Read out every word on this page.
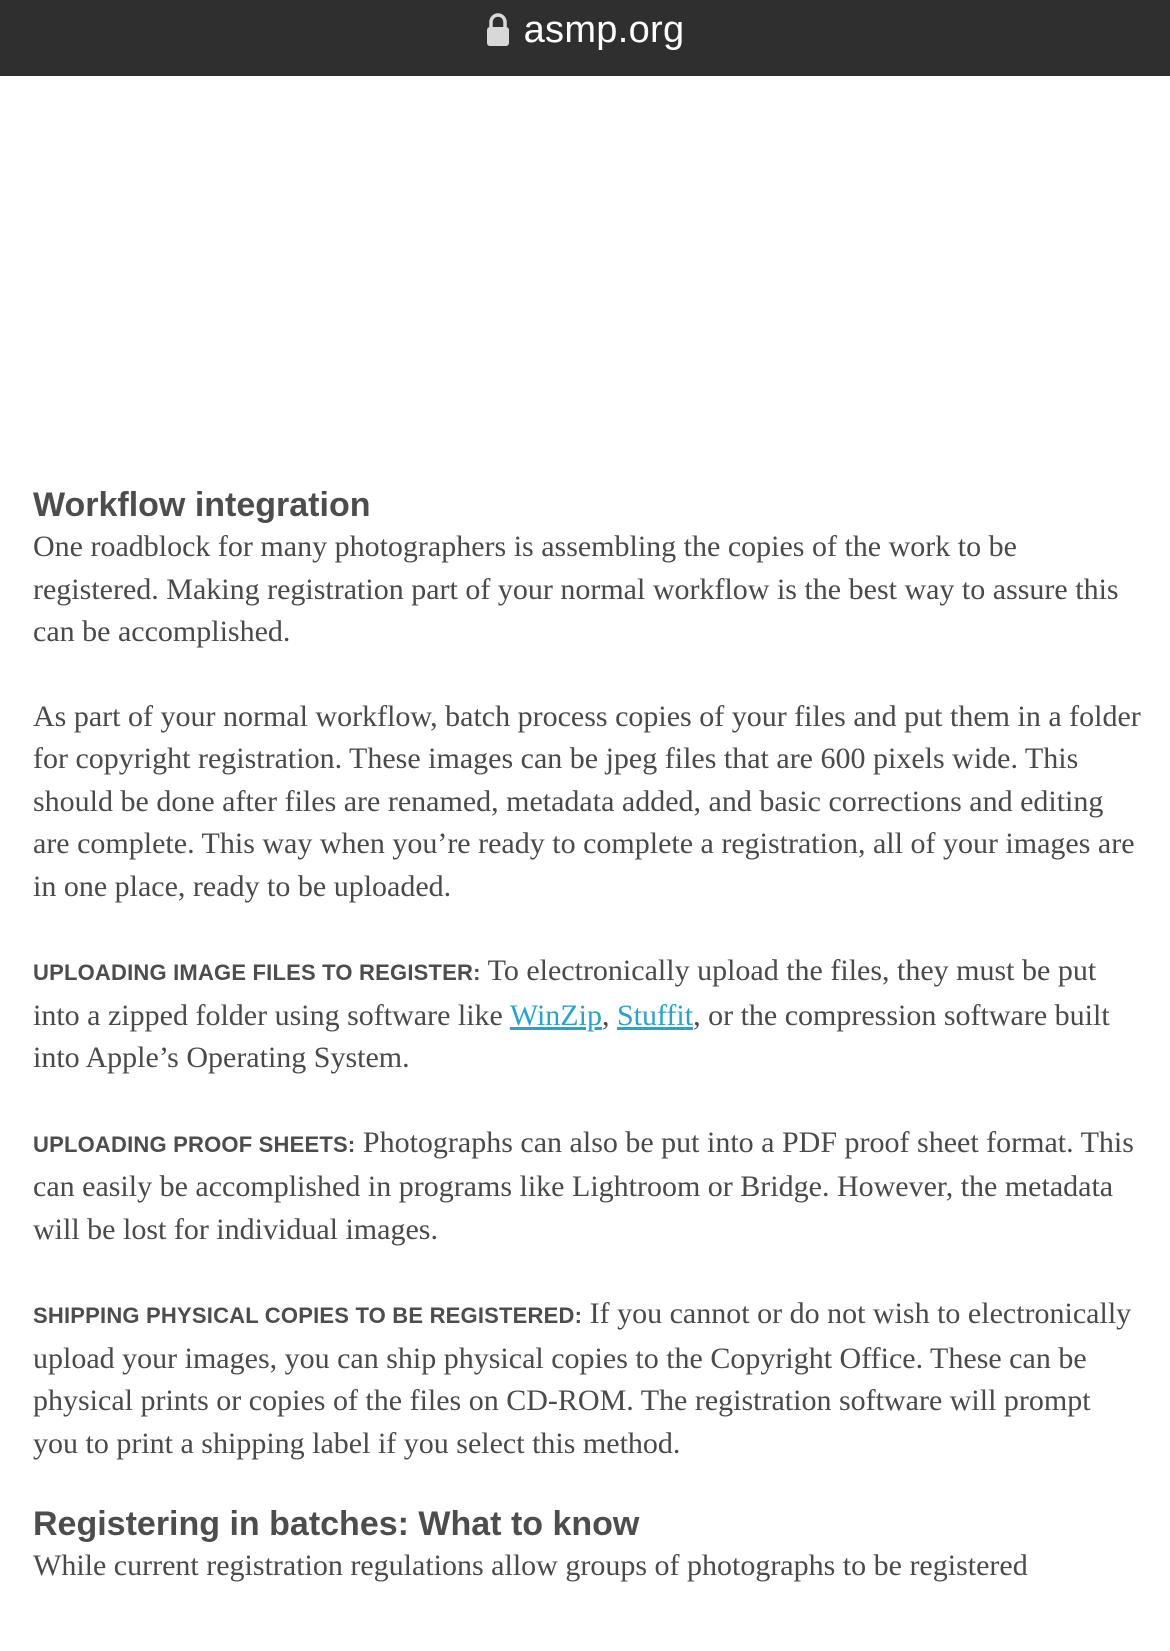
asmp.org
Workflow integration

One roadblock for many photographers is assembling the copies of the work to be registered. Making registration part of your normal workflow is the best way to assure this can be accomplished.

As part of your normal workflow, batch process copies of your files and put them in a folder for copyright registration. These images can be jpeg files that are 600 pixels wide. This should be done after files are renamed, metadata added, and basic corrections and editing are complete. This way when you’re ready to complete a registration, all of your images are in one place, ready to be uploaded.

UPLOADING IMAGE FILES TO REGISTER: To electronically upload the files, they must be put into a zipped folder using software like WinZip, Stuffit, or the compression software built into Apple’s Operating System.

UPLOADING PROOF SHEETS: Photographs can also be put into a PDF proof sheet format. This can easily be accomplished in programs like Lightroom or Bridge. However, the metadata will be lost for individual images.

SHIPPING PHYSICAL COPIES TO BE REGISTERED: If you cannot or do not wish to electronically upload your images, you can ship physical copies to the Copyright Office. These can be physical prints or copies of the files on CD-ROM. The registration software will prompt you to print a shipping label if you select this method.

Registering in batches: What to know

While current registration regulations allow groups of photographs to be registered
